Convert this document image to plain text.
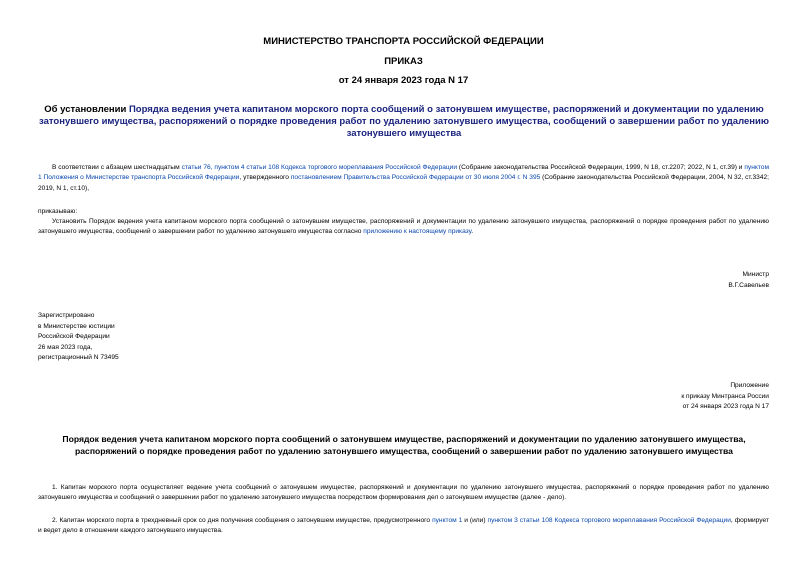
МИНИСТЕРСТВО ТРАНСПОРТА РОССИЙСКОЙ ФЕДЕРАЦИИ
ПРИКАЗ
от 24 января 2023 года N 17
Об установлении Порядка ведения учета капитаном морского порта сообщений о затонувшем имуществе, распоряжений и документации по удалению затонувшего имущества, распоряжений о порядке проведения работ по удалению затонувшего имущества, сообщений о завершении работ по удалению затонувшего имущества
В соответствии с абзацем шестнадцатым статьи 76, пунктом 4 статьи 108 Кодекса торгового мореплавания Российской Федерации (Собрание законодательства Российской Федерации, 1999, N 18, ст.2207; 2022, N 1, ст.39) и пунктом 1 Положения о Министерстве транспорта Российской Федерации, утвержденного постановлением Правительства Российской Федерации от 30 июля 2004 г. N 395 (Собрание законодательства Российской Федерации, 2004, N 32, ст.3342; 2019, N 1, ст.10),
приказываю:
Установить Порядок ведения учета капитаном морского порта сообщений о затонувшем имуществе, распоряжений и документации по удалению затонувшего имущества, распоряжений о порядке проведения работ по удалению затонувшего имущества, сообщений о завершении работ по удалению затонувшего имущества согласно приложению к настоящему приказу.
Министр
В.Г.Савельев
Зарегистрировано
в Министерстве юстиции
Российской Федерации
26 мая 2023 года,
регистрационный N 73495
Приложение
к приказу Минтранса России
от 24 января 2023 года N 17
Порядок ведения учета капитаном морского порта сообщений о затонувшем имуществе, распоряжений и документации по удалению затонувшего имущества, распоряжений о порядке проведения работ по удалению затонувшего имущества, сообщений о завершении работ по удалению затонувшего имущества
1. Капитан морского порта осуществляет ведение учета сообщений о затонувшем имуществе, распоряжений и документации по удалению затонувшего имущества, распоряжений о порядке проведения работ по удалению затонувшего имущества и сообщений о завершении работ по удалению затонувшего имущества посредством формирования дел о затонувшем имуществе (далее - дело).
2. Капитан морского порта в трехдневный срок со дня получения сообщения о затонувшем имуществе, предусмотренного пунктом 1 и (или) пунктом 3 статьи 108 Кодекса торгового мореплавания Российской Федерации, формирует и ведет дело в отношении каждого затонувшего имущества.
